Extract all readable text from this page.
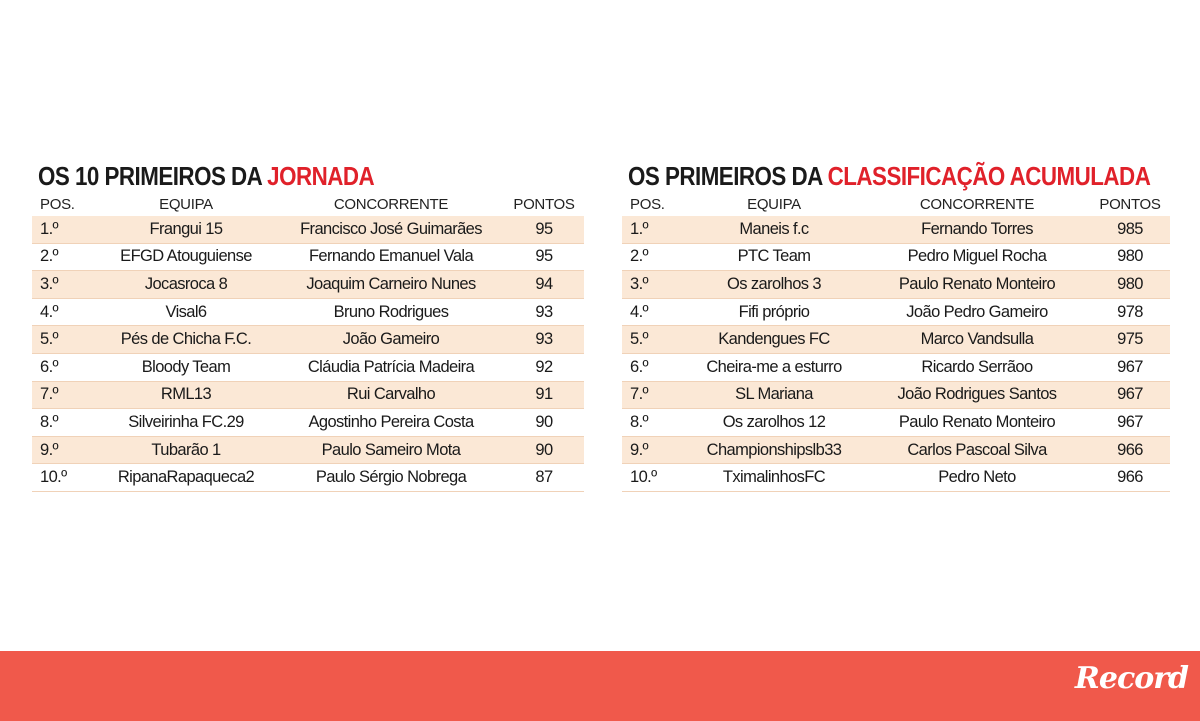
OS 10 PRIMEIROS DA JORNADA
POS.	EQUIPA	CONCORRENTE	PONTOS
1.º	Frangui 15	Francisco José Guimarães	95
2.º	EFGD Atouguiense	Fernando Emanuel Vala	95
3.º	Jocasroca 8	Joaquim Carneiro Nunes	94
4.º	Visal6	Bruno Rodrigues	93
5.º	Pés de Chicha F.C.	João Gameiro	93
6.º	Bloody Team	Cláudia Patrícia Madeira	92
7.º	RML13	Rui Carvalho	91
8.º	Silveirinha FC.29	Agostinho Pereira Costa	90
9.º	Tubarão 1	Paulo Sameiro Mota	90
10.º	RipanaRapaqueca2	Paulo Sérgio Nobrega	87
OS PRIMEIROS DA CLASSIFICAÇÃO ACUMULADA
POS.	EQUIPA	CONCORRENTE	PONTOS
1.º	Maneis f.c	Fernando Torres	985
2.º	PTC Team	Pedro Miguel Rocha	980
3.º	Os zarolhos 3	Paulo Renato Monteiro	980
4.º	Fifi próprio	João Pedro Gameiro	978
5.º	Kandengues FC	Marco Vandsulla	975
6.º	Cheira-me a esturro	Ricardo Serrãoo	967
7.º	SL Mariana	João Rodrigues Santos	967
8.º	Os zarolhos 12	Paulo Renato Monteiro	967
9.º	Championshipslb33	Carlos Pascoal Silva	966
10.º	TximalinhosFC	Pedro Neto	966
Record
